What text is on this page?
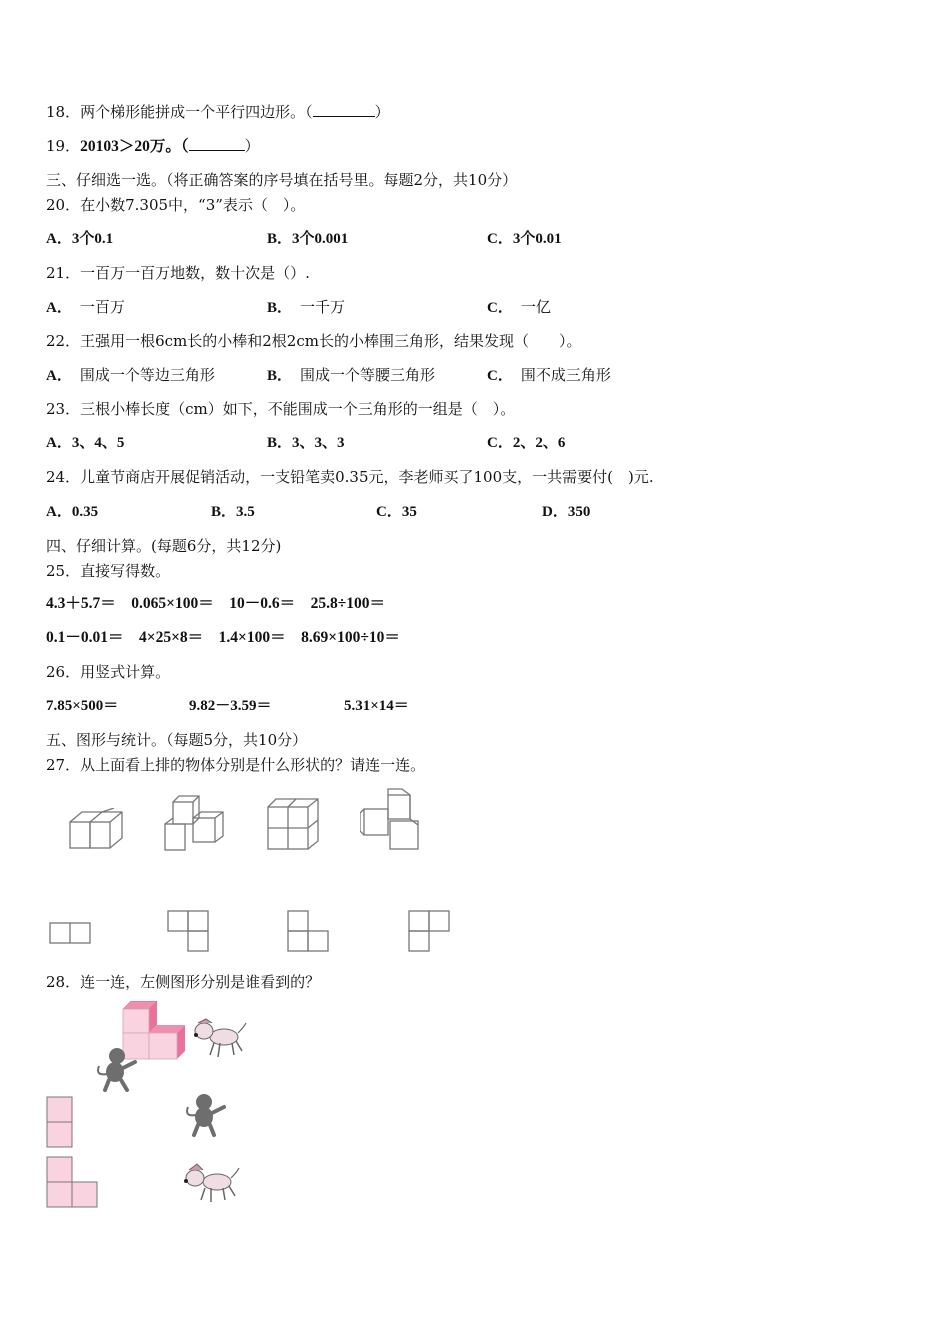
18．两个梯形能拼成一个平行四边形。（	）
19．20103＞20万。（	）
三、仔细选一选。（将正确答案的序号填在括号里。每题2分，共10分）
20．在小数7.305中，“3”表示（　）。
A．3个0.1	B．3个0.001	C．3个0.01
21．一百万一百万地数，数十次是（）.
A． 一百万	B． 一千万	C． 一亿
22．王强用一根6cm长的小棒和2根2cm长的小棒围三角形，结果发现（　　）。
A． 围成一个等边三角形	B． 围成一个等腰三角形	C． 围不成三角形
23．三根小棒长度（cm）如下，不能围成一个三角形的一组是（　）。
A．3、4、5	B．3、3、3	C．2、2、6
24．儿童节商店开展促销活动，一支铅笔卖0.35元，李老师买了100支，一共需要付(　)元.
A．0.35	B．3.5	C．35	D．350
四、仔细计算。(每题6分，共12分)
25．直接写得数。
4.3＋5.7＝　0.065×100＝　10－0.6＝　25.8÷100＝
0.1－0.01＝　4×25×8＝　1.4×100＝　8.69×100÷10＝
26．用竖式计算。
7.85×500＝	9.82－3.59＝	5.31×14＝
五、图形与统计。（每题5分，共10分）
27．从上面看上排的物体分别是什么形状的？请连一连。
28．连一连，左侧图形分别是谁看到的？
